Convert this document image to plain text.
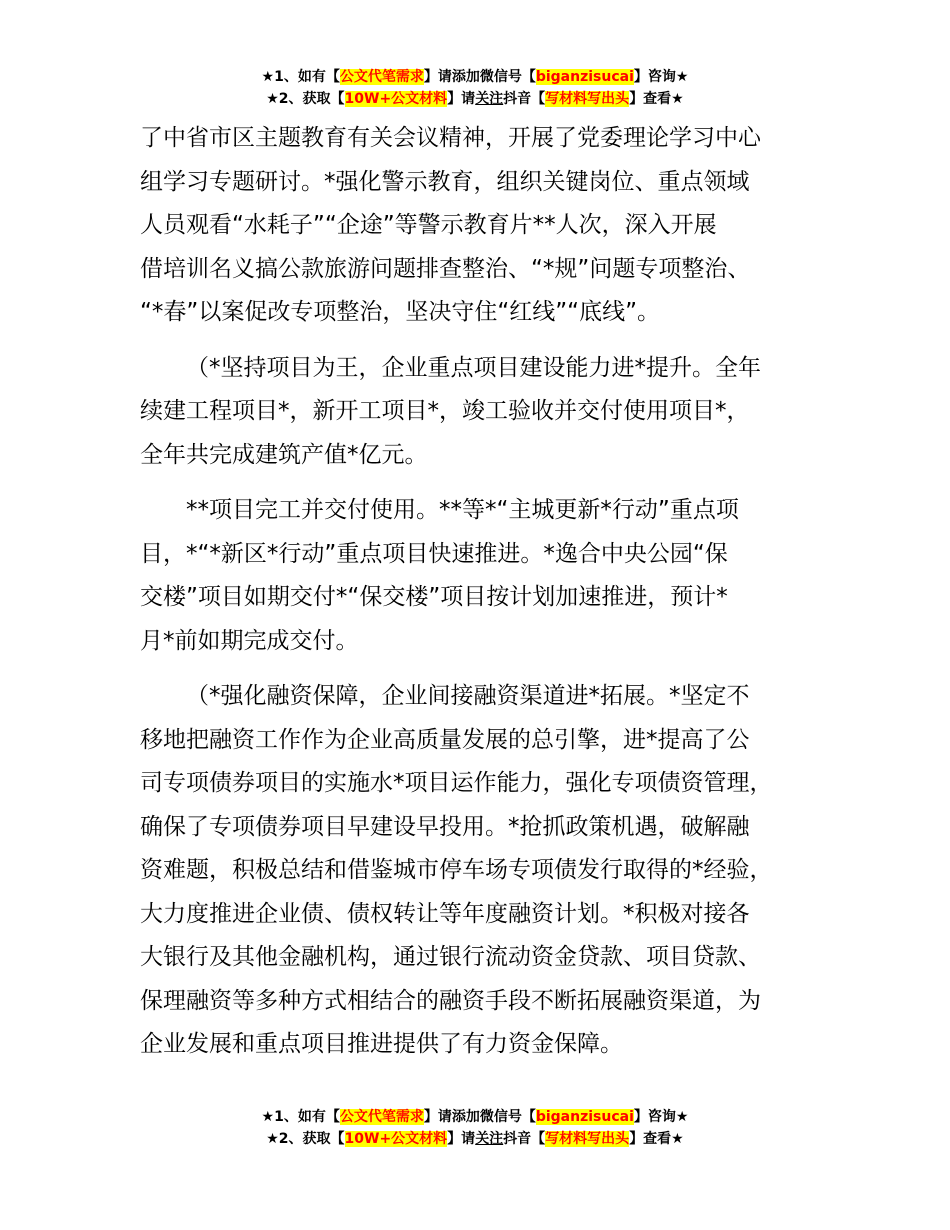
★1、如有【公文代笔需求】请添加微信号【biganzisucai】咨询★
★2、获取【10W+公文材料】请关注抖音【写材料写出头】查看★

了中省市区主题教育有关会议精神，开展了党委理论学习中心
组学习专题研讨。*强化警示教育，组织关键岗位、重点领域
人员观看“水耗子”“企途”等警示教育片**人次，深入开展
借培训名义搞公款旅游问题排查整治、“*规”问题专项整治、
“*春”以案促改专项整治，坚决守住“红线”“底线”。

（*坚持项目为王，企业重点项目建设能力进*提升。全年
续建工程项目*，新开工项目*，竣工验收并交付使用项目*，
全年共完成建筑产值*亿元。

**项目完工并交付使用。**等*“主城更新*行动”重点项
目，*“*新区*行动”重点项目快速推进。*逸合中央公园“保
交楼”项目如期交付*“保交楼”项目按计划加速推进，预计*
月*前如期完成交付。

（*强化融资保障，企业间接融资渠道进*拓展。*坚定不
移地把融资工作作为企业高质量发展的总引擎，进*提高了公
司专项债券项目的实施水*项目运作能力，强化专项债资管理，
确保了专项债券项目早建设早投用。*抢抓政策机遇，破解融
资难题，积极总结和借鉴城市停车场专项债发行取得的*经验，
大力度推进企业债、债权转让等年度融资计划。*积极对接各
大银行及其他金融机构，通过银行流动资金贷款、项目贷款、
保理融资等多种方式相结合的融资手段不断拓展融资渠道，为
企业发展和重点项目推进提供了有力资金保障。

★1、如有【公文代笔需求】请添加微信号【biganzisucai】咨询★
★2、获取【10W+公文材料】请关注抖音【写材料写出头】查看★
